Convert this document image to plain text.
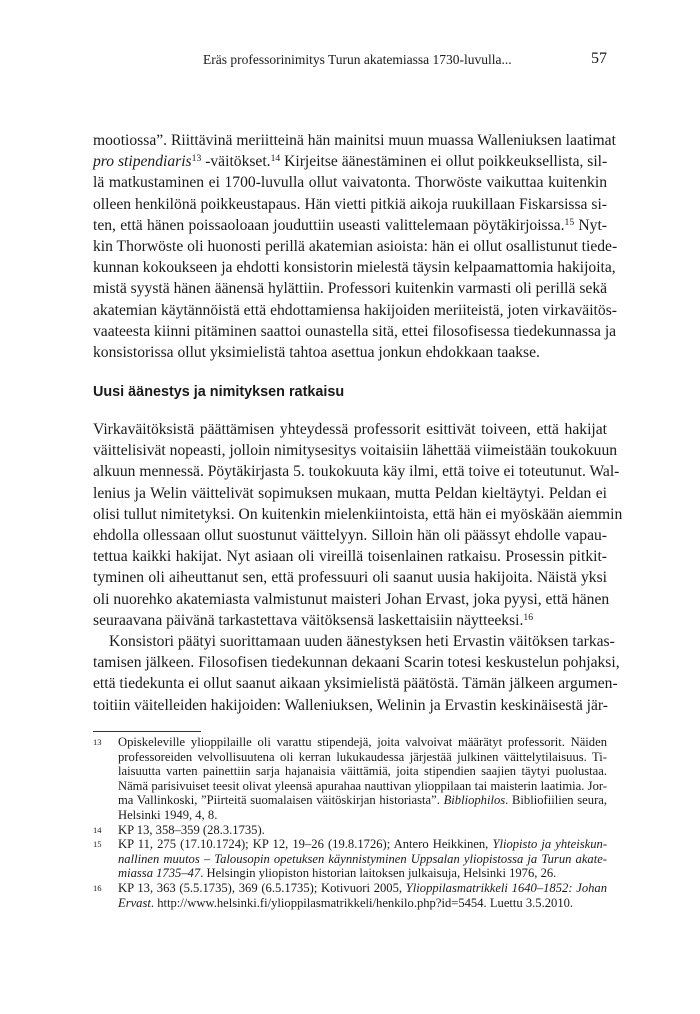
Eräs professorinimitys Turun akatemiassa 1730-luvulla...	57
mootiossa”. Riittävinä meriitteinä hän mainitsi muun muassa Walleniuksen laatimat
pro stipendiaris$^{13}$ -väitökset.$^{14}$ Kirjeitse äänestäminen ei ollut poikkeuksellista, sil-
lä matkustaminen ei 1700-luvulla ollut vaivatonta. Thorwöste vaikuttaa kuitenkin
olleen henkilönä poikkeustapaus. Hän vietti pitkiä aikoja ruukillaan Fiskarsissa si-
ten, että hänen poissaoloaan jouduttiin useasti valittelemaan pöytäkirjoissa.$^{15}$ Nyt-
kin Thorwöste oli huonosti perillä akatemian asioista: hän ei ollut osallistunut tiede-
kunnan kokoukseen ja ehdotti konsistorin mielestä täysin kelpaamattomia hakijoita,
mistä syystä hänen äänensä hylättiin. Professori kuitenkin varmasti oli perillä sekä
akatemian käytännöistä että ehdottamiensa hakijoiden meriiteistä, joten virkaväitös-
vaateesta kiinni pitäminen saattoi ounastella sitä, ettei filosofisessa tiedekunnassa ja
konsistorissa ollut yksimielistä tahtoa asettua jonkun ehdokkaan taakse.
Uusi äänestys ja nimityksen ratkaisu
Virkaväitöksistä päättämisen yhteydessä professorit esittivät toiveen, että hakijat
väittelisivät nopeasti, jolloin nimitysesitys voitaisiin lähettää viimeistään toukokuun
alkuun mennessä. Pöytäkirjasta 5. toukokuuta käy ilmi, että toive ei toteutunut. Wal-
lenius ja Welin väittelivät sopimuksen mukaan, mutta Peldan kieltäytyi. Peldan ei
olisi tullut nimitetyksi. On kuitenkin mielenkiintoista, että hän ei myöskään aiemmin
ehdolla ollessaan ollut suostunut väittelyyn. Silloin hän oli päässyt ehdolle vapau-
tettua kaikki hakijat. Nyt asiaan oli vireillä toisenlainen ratkaisu. Prosessin pitkit-
tyminen oli aiheuttanut sen, että professuuri oli saanut uusia hakijoita. Näistä yksi
oli nuorehko akatemiasta valmistunut maisteri Johan Ervast, joka pyysi, että hänen
seuraavana päivänä tarkastettava väitöksensä laskettaisiin näytteeksi.$^{16}$
Konsistori päätyi suorittamaan uuden äänestyksen heti Ervastin väitöksen tarkas-
tamisen jälkeen. Filosofisen tiedekunnan dekaani Scarin totesi keskustelun pohjaksi,
että tiedekunta ei ollut saanut aikaan yksimielistä päätöstä. Tämän jälkeen argumen-
toitiin väitelleiden hakijoiden: Walleniuksen, Welinin ja Ervastin keskinäisestä jär-
13 Opiskeleville ylioppilaille oli varattu stipendejä, joita valvoivat määrätyt professorit. Näiden
professoreiden velvollisuutena oli kerran lukukaudessa järjestää julkinen väittelytilaisuus. Ti-
laisuutta varten painettiin sarja hajanaisia väittämiä, joita stipendien saajien täytyi puolustaa.
Nämä parisivuiset teesit olivat yleensä apurahaa nauttivan ylioppilaan tai maisterin laatimia. Jor-
ma Vallinkoski, ”Piirteitä suomalaisen väitöskirjan historiasta”. Bibliophilos. Bibliofiilien seura,
Helsinki 1949, 4, 8.
14 KP 13, 358–359 (28.3.1735).
15 KP 11, 275 (17.10.1724); KP 12, 19–26 (19.8.1726); Antero Heikkinen, Yliopisto ja yhteiskun-
nallinen muutos – Talousopin opetuksen käynnistyminen Uppsalan yliopistossa ja Turun akate-
miassa 1735–47. Helsingin yliopiston historian laitoksen julkaisuja, Helsinki 1976, 26.
16 KP 13, 363 (5.5.1735), 369 (6.5.1735); Kotivuori 2005, Ylioppilasmatrikkeli 1640–1852: Johan
Ervast. http://www.helsinki.fi/ylioppilasmatrikkeli/henkilo.php?id=5454. Luettu 3.5.2010.
